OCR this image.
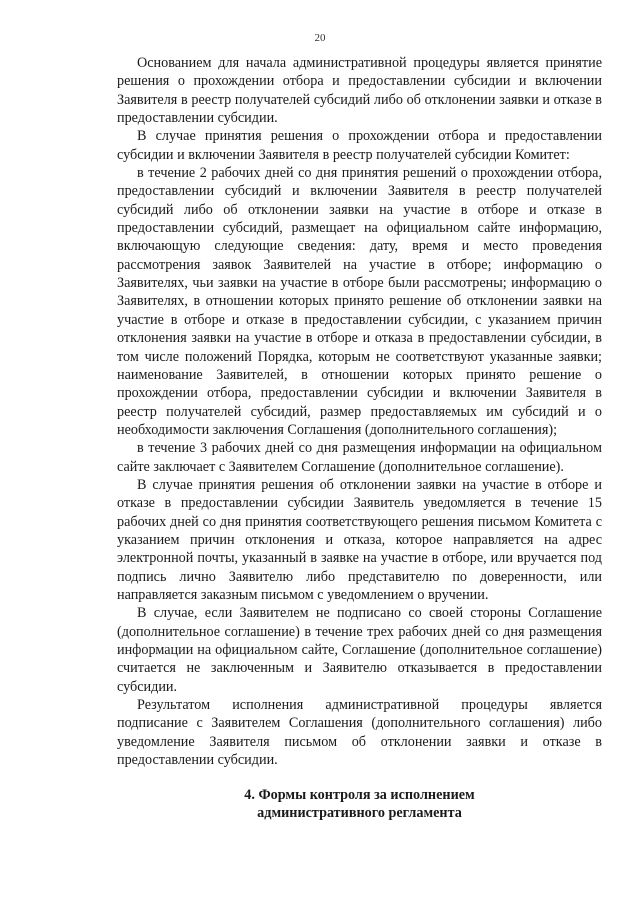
20

Основанием для начала административной процедуры является принятие решения о прохождении отбора и предоставлении субсидии и включении Заявителя в реестр получателей субсидий либо об отклонении заявки и отказе в предоставлении субсидии.

В случае принятия решения о прохождении отбора и предоставлении субсидии и включении Заявителя в реестр получателей субсидии Комитет:

в течение 2 рабочих дней со дня принятия решений о прохождении отбора, предоставлении субсидий и включении Заявителя в реестр получателей субсидий либо об отклонении заявки на участие в отборе и отказе в предоставлении субсидий, размещает на официальном сайте информацию, включающую следующие сведения: дату, время и место проведения рассмотрения заявок Заявителей на участие в отборе; информацию о Заявителях, чьи заявки на участие в отборе были рассмотрены; информацию о Заявителях, в отношении которых принято решение об отклонении заявки на участие в отборе и отказе в предоставлении субсидии, с указанием причин отклонения заявки на участие в отборе и отказа в предоставлении субсидии, в том числе положений Порядка, которым не соответствуют указанные заявки; наименование Заявителей, в отношении которых принято решение о прохождении отбора, предоставлении субсидии и включении Заявителя в реестр получателей субсидий, размер предоставляемых им субсидий и о необходимости заключения Соглашения (дополнительного соглашения);

в течение 3 рабочих дней со дня размещения информации на официальном сайте заключает с Заявителем Соглашение (дополнительное соглашение).

В случае принятия решения об отклонении заявки на участие в отборе и отказе в предоставлении субсидии Заявитель уведомляется в течение 15 рабочих дней со дня принятия соответствующего решения письмом Комитета с указанием причин отклонения и отказа, которое направляется на адрес электронной почты, указанный в заявке на участие в отборе, или вручается под подпись лично Заявителю либо представителю по доверенности, или направляется заказным письмом с уведомлением о вручении.

В случае, если Заявителем не подписано со своей стороны Соглашение (дополнительное соглашение) в течение трех рабочих дней со дня размещения информации на официальном сайте, Соглашение (дополнительное соглашение) считается не заключенным и Заявителю отказывается в предоставлении субсидии.

Результатом исполнения административной процедуры является подписание с Заявителем Соглашения (дополнительного соглашения) либо уведомление Заявителя письмом об отклонении заявки и отказе в предоставлении субсидии.

4. Формы контроля за исполнением
административного регламента
